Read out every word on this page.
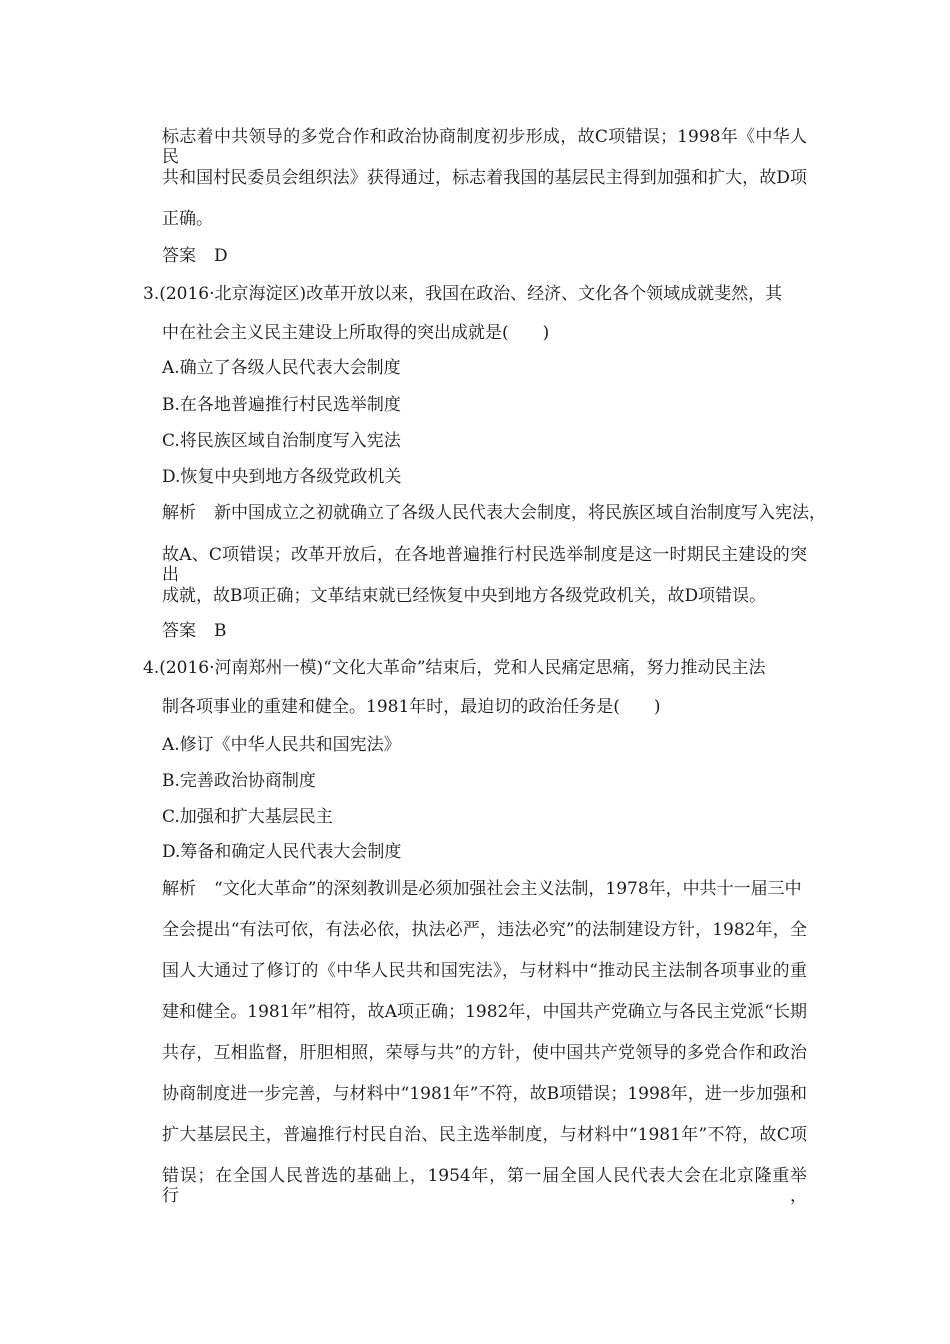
标志着中共领导的多党合作和政治协商制度初步形成，故C项错误；1998年《中华人民
共和国村民委员会组织法》获得通过，标志着我国的基层民主得到加强和扩大，故D项
正确。
答案 D
3.(2016·北京海淀区)改革开放以来，我国在政治、经济、文化各个领域成就斐然，其
中在社会主义民主建设上所取得的突出成就是(　　)
A.确立了各级人民代表大会制度
B.在各地普遍推行村民选举制度
C.将民族区域自治制度写入宪法
D.恢复中央到地方各级党政机关
解析 新中国成立之初就确立了各级人民代表大会制度，将民族区域自治制度写入宪法，
故A、C项错误；改革开放后，在各地普遍推行村民选举制度是这一时期民主建设的突出
成就，故B项正确；文革结束就已经恢复中央到地方各级党政机关，故D项错误。
答案 B
4.(2016·河南郑州一模)“文化大革命”结束后，党和人民痛定思痛，努力推动民主法
制各项事业的重建和健全。1981年时，最迫切的政治任务是(　　)
A.修订《中华人民共和国宪法》
B.完善政治协商制度
C.加强和扩大基层民主
D.筹备和确定人民代表大会制度
解析 “文化大革命”的深刻教训是必须加强社会主义法制，1978年，中共十一届三中
全会提出“有法可依，有法必依，执法必严，违法必究”的法制建设方针，1982年，全
国人大通过了修订的《中华人民共和国宪法》，与材料中“推动民主法制各项事业的重
建和健全。1981年”相符，故A项正确；1982年，中国共产党确立与各民主党派“长期
共存，互相监督，肝胆相照，荣辱与共”的方针，使中国共产党领导的多党合作和政治
协商制度进一步完善，与材料中“1981年”不符，故B项错误；1998年，进一步加强和
扩大基层民主，普遍推行村民自治、民主选举制度，与材料中“1981年”不符，故C项
错误；在全国人民普选的基础上，1954年，第一届全国人民代表大会在北京隆重举行，
